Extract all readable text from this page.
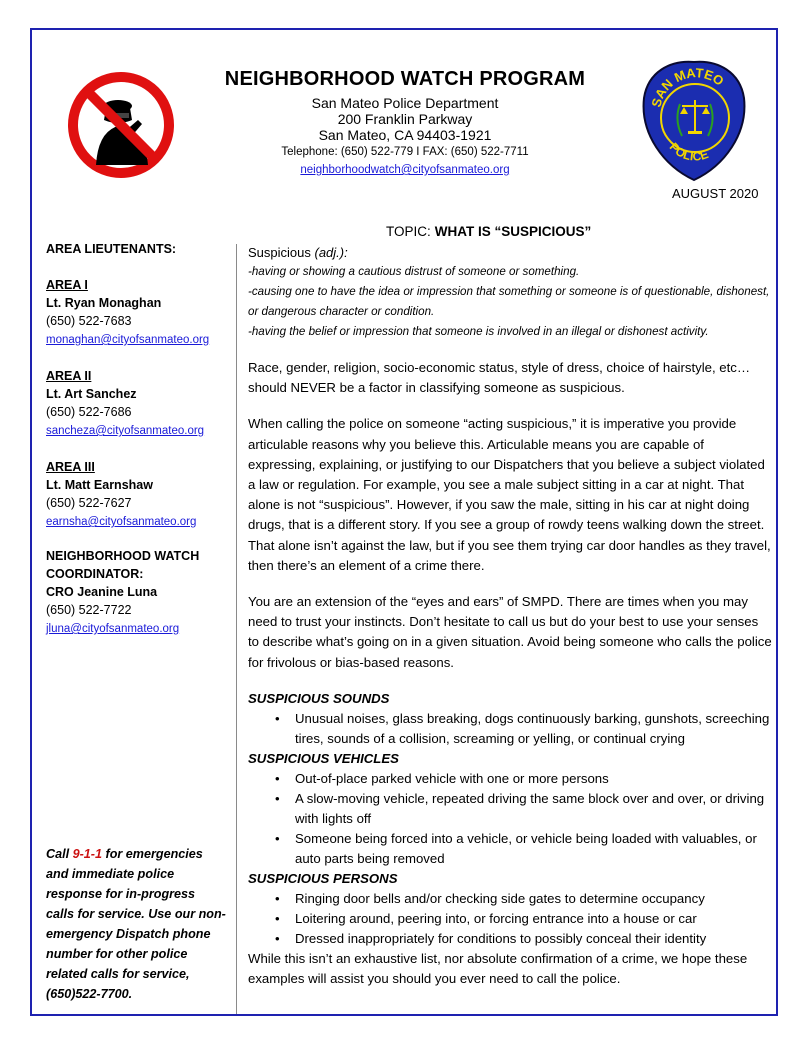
NEIGHBORHOOD WATCH PROGRAM
San Mateo Police Department
200 Franklin Parkway
San Mateo, CA 94403-1921
Telephone: (650) 522-779 I FAX: (650) 522-7711
neighborhoodwatch@cityofsanmateo.org
SAN MATEO
POLICE
AUGUST 2020
TOPIC: WHAT IS “SUSPICIOUS”
AREA LIEUTENANTS:
AREA I
Lt. Ryan Monaghan
(650) 522-7683
monaghan@cityofsanmateo.org
AREA II
Lt. Art Sanchez
(650) 522-7686
sancheza@cityofsanmateo.org
AREA III
Lt. Matt Earnshaw
(650) 522-7627
earnsha@cityofsanmateo.org
NEIGHBORHOOD WATCH
COORDINATOR:
CRO Jeanine Luna
(650) 522-7722
jluna@cityofsanmateo.org
Call 9-1-1 for emergencies and immediate police response for in-progress calls for service. Use our non-emergency Dispatch phone number for other police related calls for service, (650)522-7700.

Suspicious (adj.):

-having or showing a cautious distrust of someone or something.

-causing one to have the idea or impression that something or someone is of questionable, dishonest, or dangerous character or condition.

-having the belief or impression that someone is involved in an illegal or dishonest activity.

Race, gender, religion, socio-economic status, style of dress, choice of hairstyle, etc… should NEVER be a factor in classifying someone as suspicious.

When calling the police on someone “acting suspicious,” it is imperative you provide articulable reasons why you believe this. Articulable means you are capable of expressing, explaining, or justifying to our Dispatchers that you believe a subject violated a law or regulation. For example, you see a male subject sitting in a car at night. That alone is not “suspicious”. However, if you saw the male, sitting in his car at night doing drugs, that is a different story. If you see a group of rowdy teens walking down the street. That alone isn’t against the law, but if you see them trying car door handles as they travel, then there’s an element of a crime there.

You are an extension of the “eyes and ears” of SMPD. There are times when you may need to trust your instincts. Don’t hesitate to call us but do your best to use your senses to describe what’s going on in a given situation. Avoid being someone who calls the police for frivolous or bias-based reasons.

SUSPICIOUS SOUNDS
• Unusual noises, glass breaking, dogs continuously barking, gunshots, screeching tires, sounds of a collision, screaming or yelling, or continual crying
SUSPICIOUS VEHICLES
• Out-of-place parked vehicle with one or more persons
• A slow-moving vehicle, repeated driving the same block over and over, or driving with lights off
• Someone being forced into a vehicle, or vehicle being loaded with valuables, or auto parts being removed
SUSPICIOUS PERSONS
• Ringing door bells and/or checking side gates to determine occupancy
• Loitering around, peering into, or forcing entrance into a house or car
• Dressed inappropriately for conditions to possibly conceal their identity

While this isn’t an exhaustive list, nor absolute confirmation of a crime, we hope these examples will assist you should you ever need to call the police.
